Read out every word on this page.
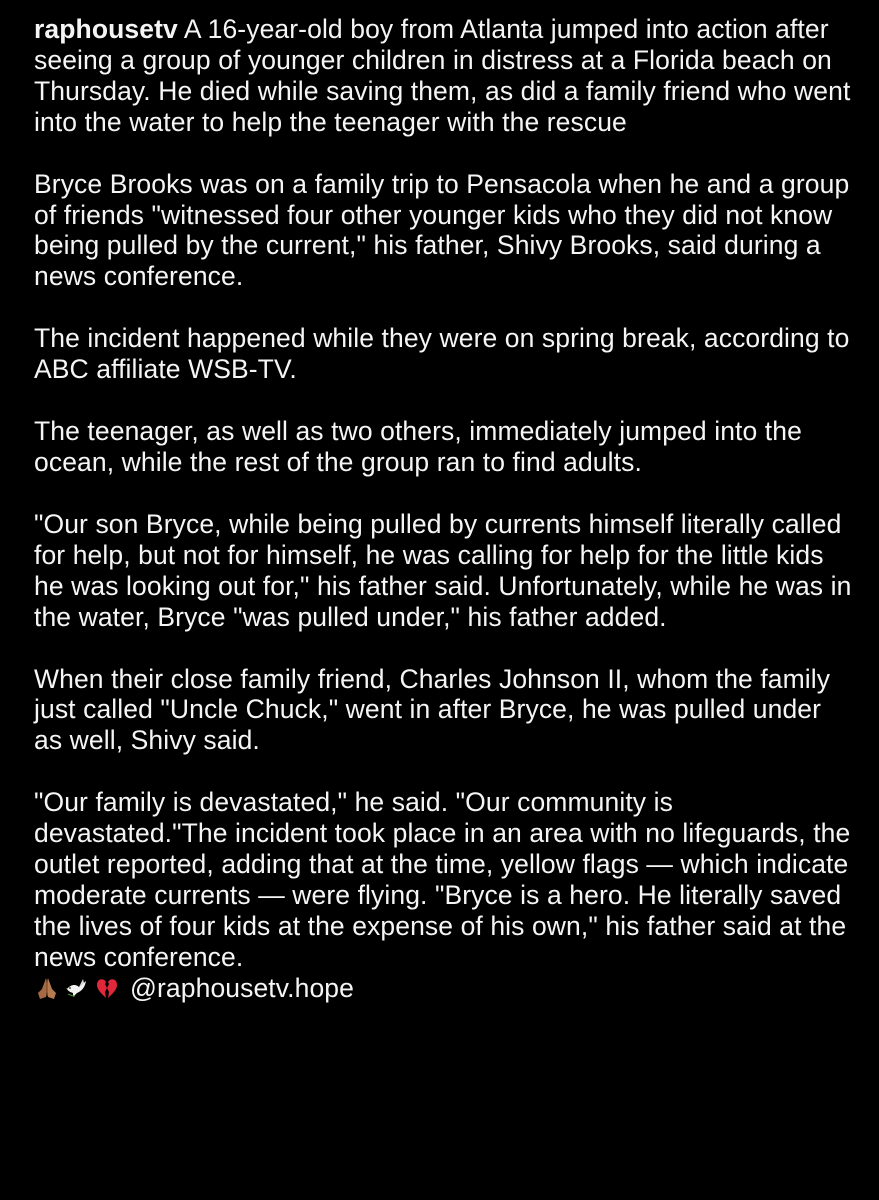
raphousetv A 16-year-old boy from Atlanta jumped into action after seeing a group of younger children in distress at a Florida beach on Thursday. He died while saving them, as did a family friend who went into the water to help the teenager with the rescue
Bryce Brooks was on a family trip to Pensacola when he and a group of friends "witnessed four other younger kids who they did not know being pulled by the current," his father, Shivy Brooks, said during a news conference.
The incident happened while they were on spring break, according to ABC affiliate WSB-TV.
The teenager, as well as two others, immediately jumped into the ocean, while the rest of the group ran to find adults.
"Our son Bryce, while being pulled by currents himself literally called for help, but not for himself, he was calling for help for the little kids he was looking out for," his father said. Unfortunately, while he was in the water, Bryce "was pulled under," his father added.
When their close family friend, Charles Johnson II, whom the family just called "Uncle Chuck," went in after Bryce, he was pulled under as well, Shivy said.
"Our family is devastated," he said. "Our community is devastated."The incident took place in an area with no lifeguards, the outlet reported, adding that at the time, yellow flags — which indicate moderate currents — were flying. "Bryce is a hero. He literally saved the lives of four kids at the expense of his own," his father said at the news conference.

@raphousetv.hope
